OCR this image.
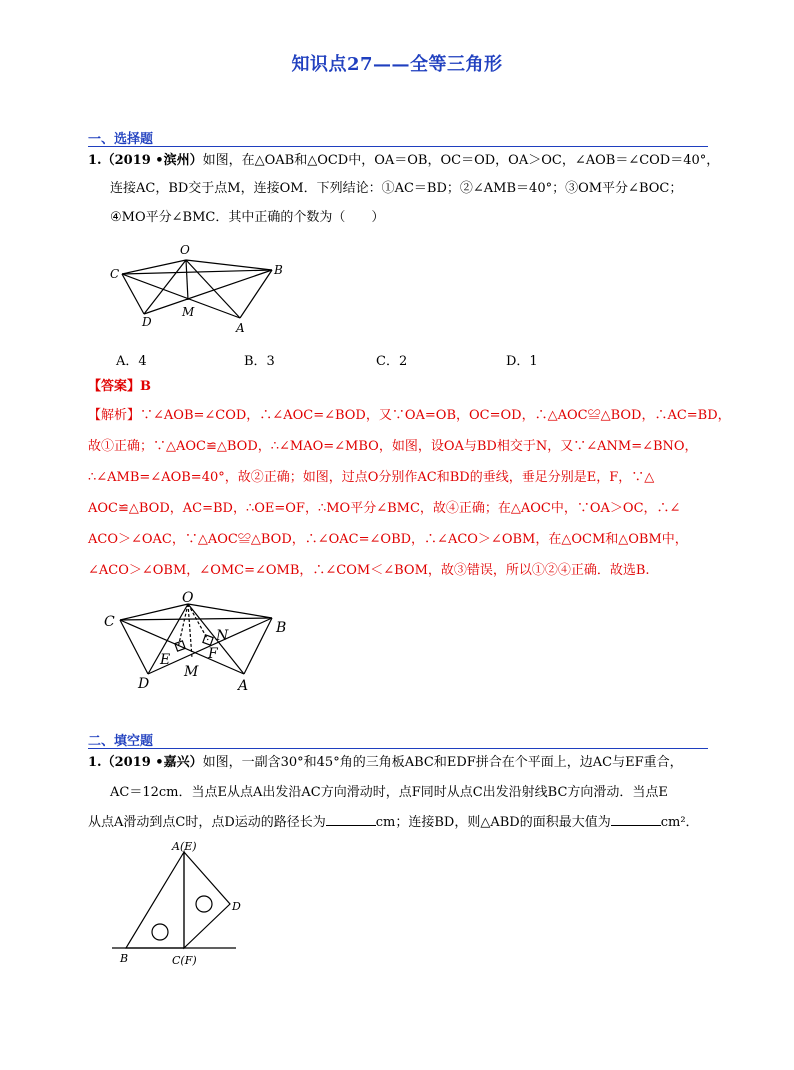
知识点27——全等三角形
一、选择题
1.（2019 •滨州）如图，在△OAB和△OCD中，OA＝OB，OC＝OD，OA＞OC，∠AOB＝∠COD＝40°，
连接AC，BD交于点M，连接OM．下列结论：①AC＝BD；②∠AMB＝40°；③OM平分∠BOC；
④MO平分∠BMC．其中正确的个数为（　　）
O
C	B
D
M
A
A．4	B．3	C．2	D．1
【答案】B
【解析】∵∠AOB=∠COD，∴∠AOC=∠BOD，又∵OA=OB，OC=OD，∴△AOC≌△BOD，∴AC=BD，
故①正确；∵△AOC≌△BOD，∴∠MAO=∠MBO，如图，设OA与BD相交于N，又∵∠ANM=∠BNO，
∴∠AMB=∠AOB=40°，故②正确；如图，过点O分别作AC和BD的垂线，垂足分别是E，F，∵△
AOC≌△BOD，AC=BD，∴OE=OF，∴MO平分∠BMC，故④正确；在△AOC中，∵OA＞OC，∴∠
ACO＞∠OAC，∵△AOC≌△BOD，∴∠OAC=∠OBD，∴∠ACO＞∠OBM，在△OCM和△OBM中，
∠ACO＞∠OBM，∠OMC=∠OMB，∴∠COM＜∠BOM，故③错误，所以①②④正确．故选B.
O
C	B
D
M
A
E	F
N
二、填空题
1.（2019 •嘉兴）如图，一副含30°和45°角的三角板ABC和EDF拼合在个平面上，边AC与EF重合，
AC＝12cm．当点E从点A出发沿AC方向滑动时，点F同时从点C出发沿射线BC方向滑动．当点E
从点A滑动到点C时，点D运动的路径长为	cm；连接BD，则△ABD的面积最大值为	cm²．
A(E)
D
B	C(F)
